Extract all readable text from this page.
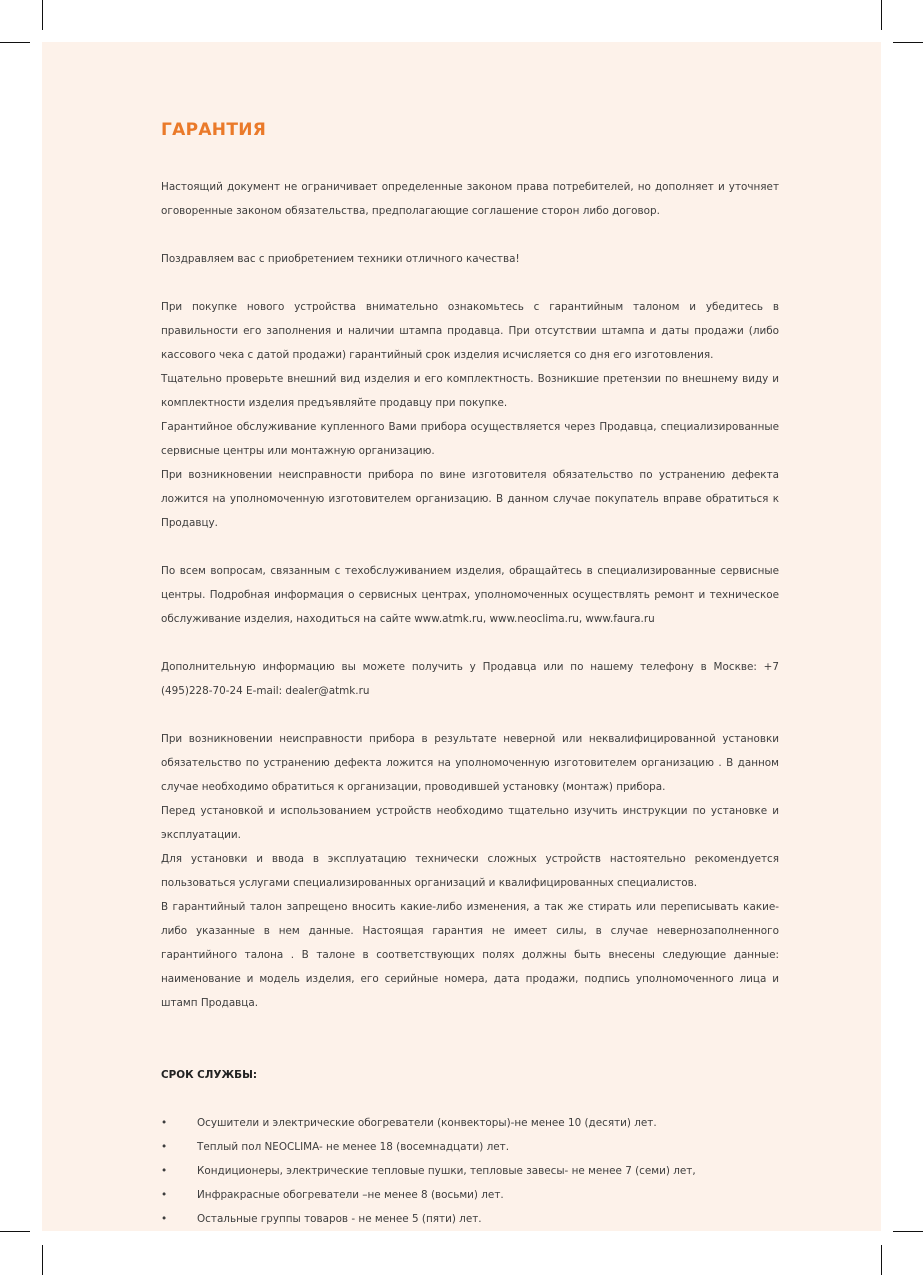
ГАРАНТИЯ

Настоящий документ не ограничивает определенные законом права потребителей, но дополняет и уточняет оговоренные законом обязательства, предполагающие соглашение сторон либо договор.

Поздравляем вас с приобретением техники отличного качества!

При покупке нового устройства внимательно ознакомьтесь с гарантийным талоном и убедитесь в правильности его заполнения и наличии штампа продавца. При отсутствии штампа и даты продажи (либо кассового чека с датой продажи) гарантийный срок изделия исчисляется со дня его изготовления.

Тщательно проверьте внешний вид изделия и его комплектность. Возникшие претензии по внешнему виду и комплектности изделия предъявляйте продавцу при покупке.

Гарантийное обслуживание купленного Вами прибора осуществляется через Продавца, специализированные сервисные центры или монтажную организацию.

При возникновении неисправности прибора по вине изготовителя обязательство по устранению дефекта ложится на уполномоченную изготовителем организацию. В данном случае покупатель вправе обратиться к Продавцу.

По всем вопросам, связанным с техобслуживанием изделия, обращайтесь в специализированные сервисные центры. Подробная информация о сервисных центрах, уполномоченных осуществлять ремонт и техническое обслуживание изделия, находиться на сайте www.atmk.ru, www.neoclima.ru, www.faura.ru

Дополнительную информацию вы можете получить у Продавца или по нашему телефону в Москве: +7 (495)228-70-24 E-mail: dealer@atmk.ru

При возникновении неисправности прибора в результате неверной или неквалифицированной установки обязательство по устранению дефекта ложится на уполномоченную изготовителем организацию . В данном случае необходимо обратиться к организации, проводившей установку (монтаж) прибора.

Перед установкой и использованием устройств необходимо тщательно изучить инструкции по установке и эксплуатации.

Для установки и ввода в эксплуатацию технически сложных устройств настоятельно рекомендуется пользоваться услугами специализированных организаций и квалифицированных специалистов.

В гарантийный талон запрещено вносить какие-либо изменения, а так же стирать или переписывать какие-либо указанные в нем данные. Настоящая гарантия не имеет силы, в случае невернозаполненного гарантийного талона . В талоне в соответствующих полях должны быть внесены следующие данные: наименование и модель изделия, его серийные номера, дата продажи, подпись уполномоченного лица и штамп Продавца.

СРОК СЛУЖБЫ:

•	Осушители и электрические обогреватели (конвекторы)-не менее 10 (десяти) лет.
•	Теплый пол NEOCLIMA- не менее 18 (восемнадцати) лет.
•	Кондиционеры, электрические тепловые пушки, тепловые завесы- не менее 7 (семи) лет,
•	Инфракрасные обогреватели –не менее 8 (восьми) лет.
•	Остальные группы товаров - не менее 5 (пяти) лет.
